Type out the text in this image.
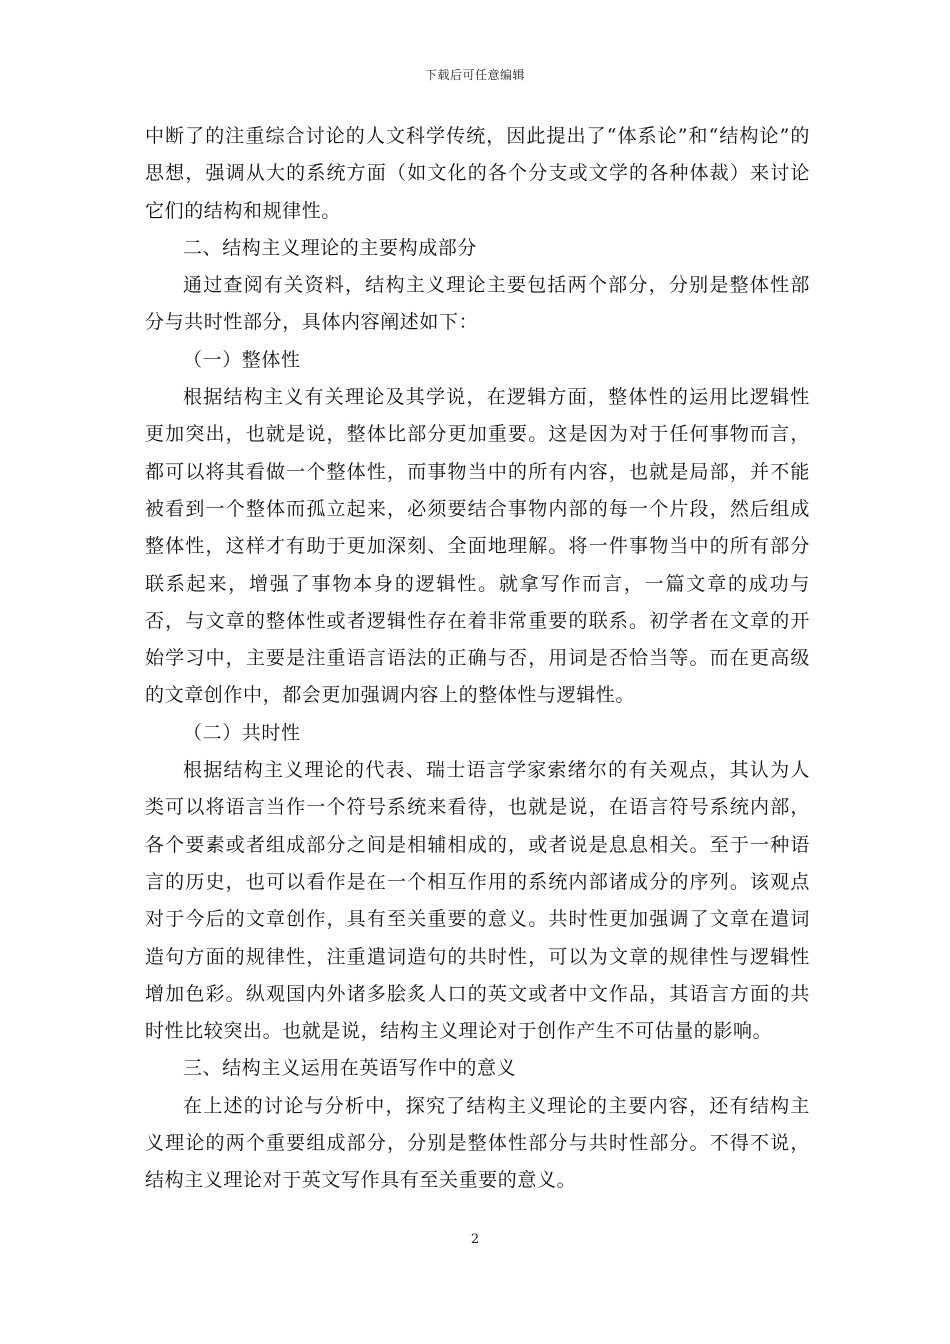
下载后可任意编辑

中断了的注重综合讨论的人文科学传统，因此提出了“体系论”和“结构论”的思想，强调从大的系统方面（如文化的各个分支或文学的各种体裁）来讨论它们的结构和规律性。

二、结构主义理论的主要构成部分

通过查阅有关资料，结构主义理论主要包括两个部分，分别是整体性部分与共时性部分，具体内容阐述如下：

（一）整体性

根据结构主义有关理论及其学说，在逻辑方面，整体性的运用比逻辑性更加突出，也就是说，整体比部分更加重要。这是因为对于任何事物而言，都可以将其看做一个整体性，而事物当中的所有内容，也就是局部，并不能被看到一个整体而孤立起来，必须要结合事物内部的每一个片段，然后组成整体性，这样才有助于更加深刻、全面地理解。将一件事物当中的所有部分联系起来，增强了事物本身的逻辑性。就拿写作而言，一篇文章的成功与否，与文章的整体性或者逻辑性存在着非常重要的联系。初学者在文章的开始学习中，主要是注重语言语法的正确与否，用词是否恰当等。而在更高级的文章创作中，都会更加强调内容上的整体性与逻辑性。

（二）共时性

根据结构主义理论的代表、瑞士语言学家索绪尔的有关观点，其认为人类可以将语言当作一个符号系统来看待，也就是说，在语言符号系统内部，各个要素或者组成部分之间是相辅相成的，或者说是息息相关。至于一种语言的历史，也可以看作是在一个相互作用的系统内部诸成分的序列。该观点对于今后的文章创作，具有至关重要的意义。共时性更加强调了文章在遣词造句方面的规律性，注重遣词造句的共时性，可以为文章的规律性与逻辑性增加色彩。纵观国内外诸多脍炙人口的英文或者中文作品，其语言方面的共时性比较突出。也就是说，结构主义理论对于创作产生不可估量的影响。

三、结构主义运用在英语写作中的意义

在上述的讨论与分析中，探究了结构主义理论的主要内容，还有结构主义理论的两个重要组成部分，分别是整体性部分与共时性部分。不得不说，结构主义理论对于英文写作具有至关重要的意义。

2
